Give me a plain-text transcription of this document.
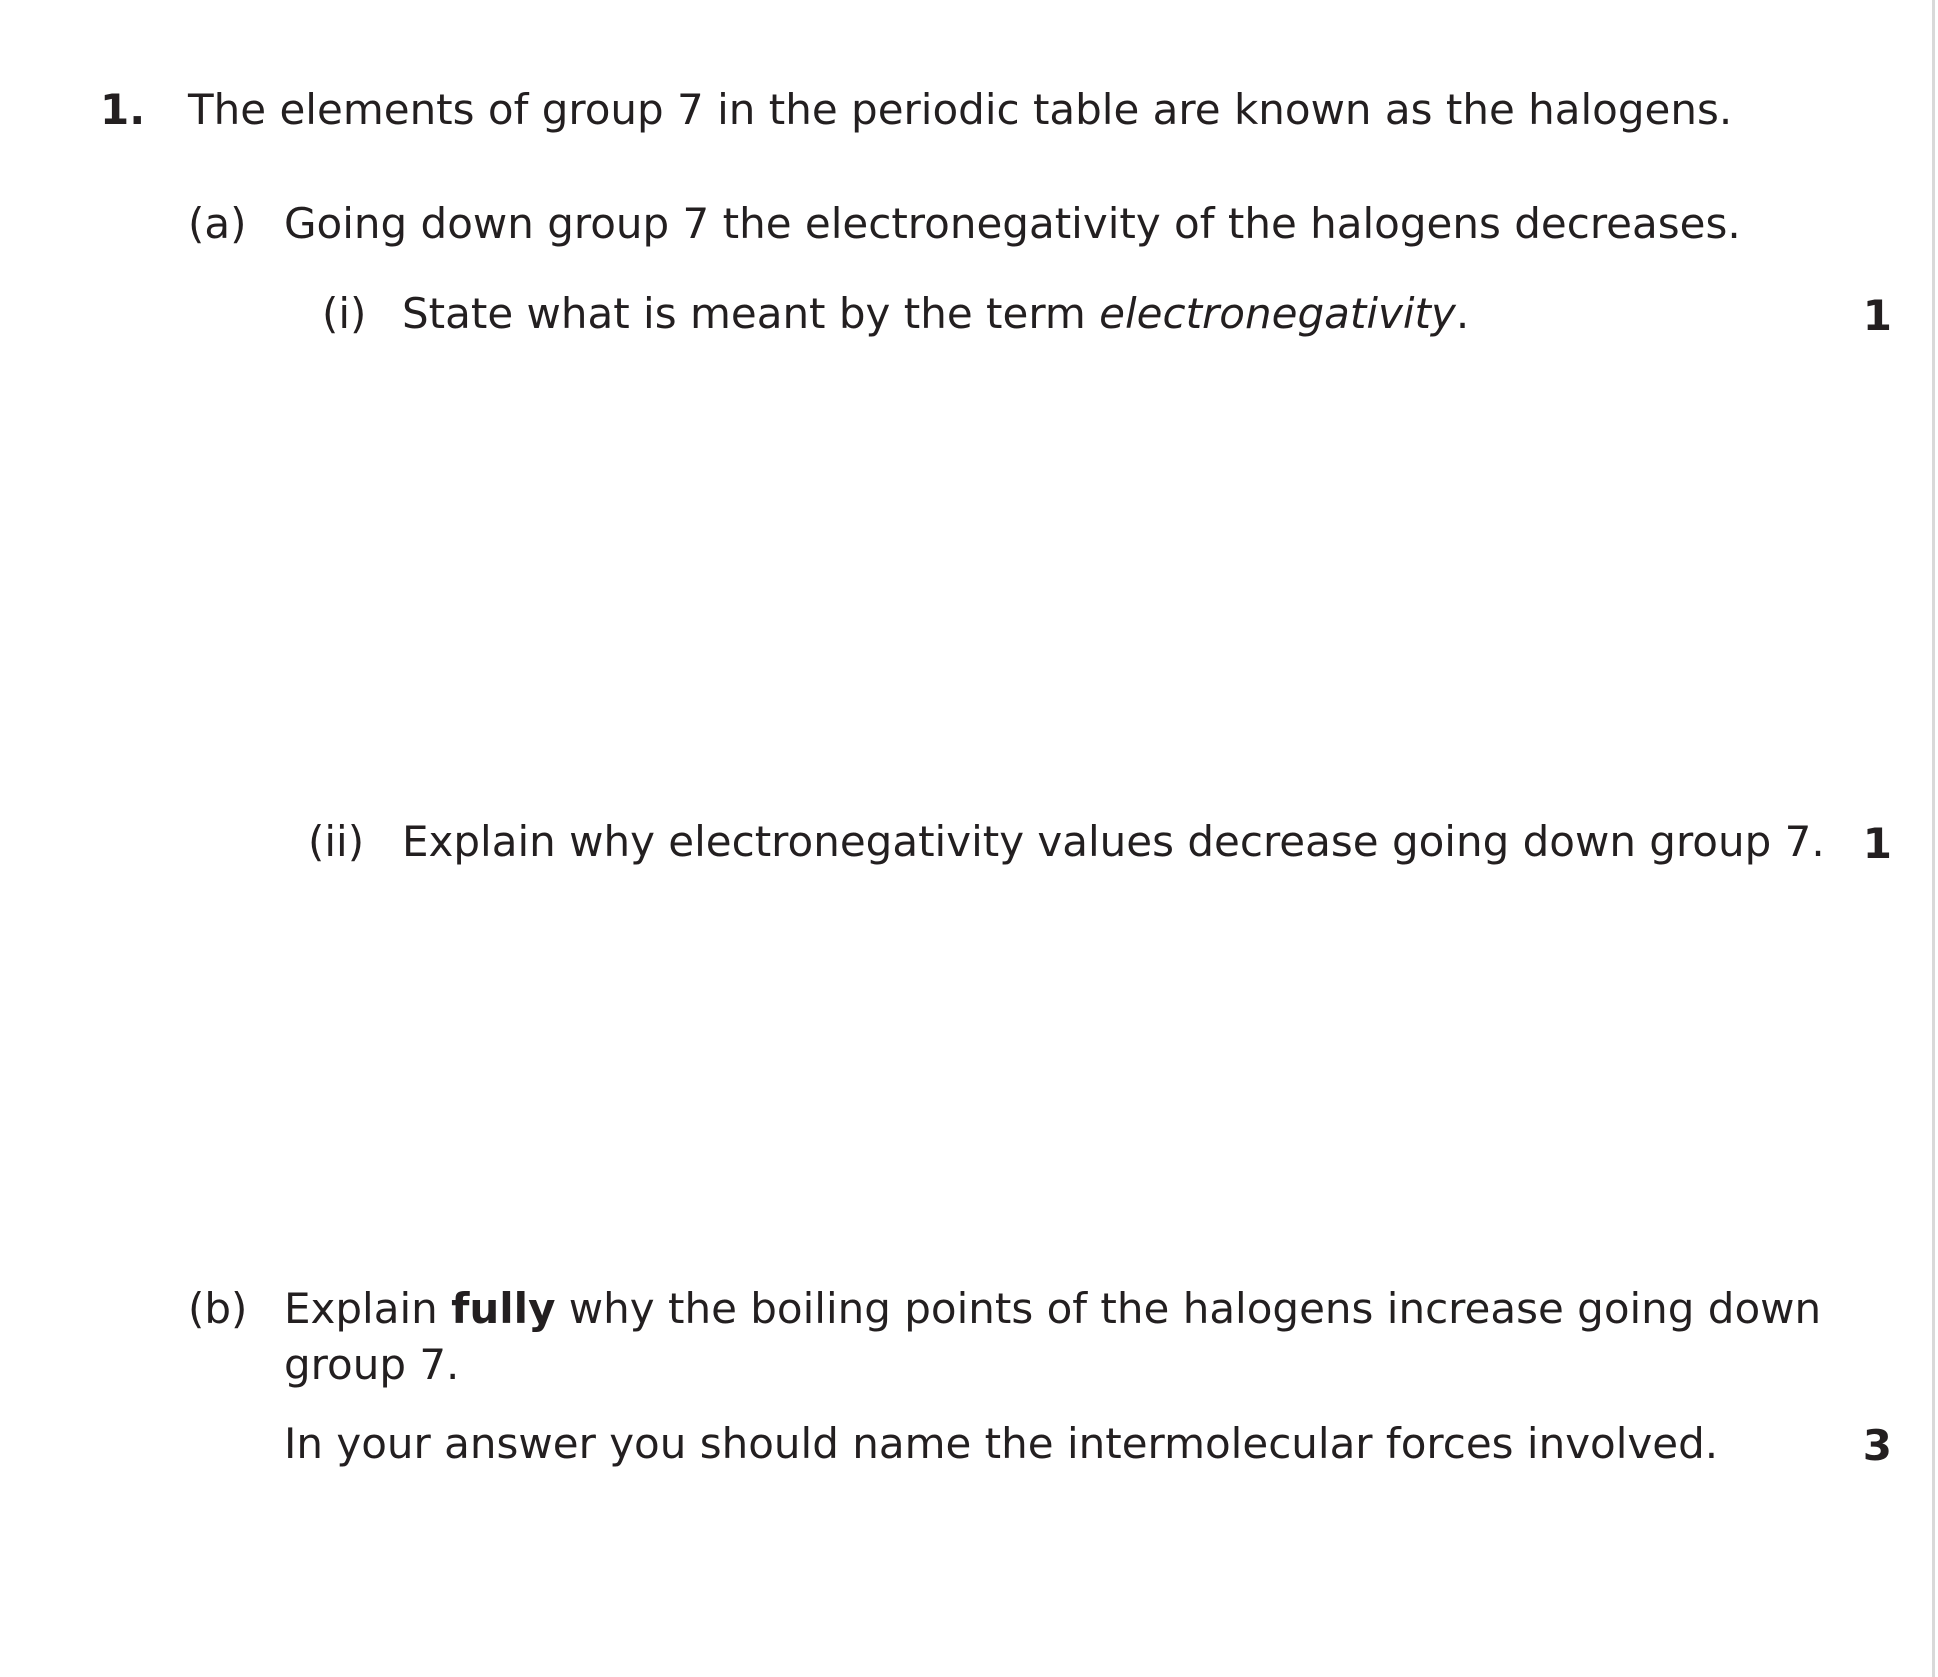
1. The elements of group 7 in the periodic table are known as the halogens.
(a) Going down group 7 the electronegativity of the halogens decreases.
(i) State what is meant by the term electronegativity.	1
(ii) Explain why electronegativity values decrease going down group 7. 1
(b) Explain fully why the boiling points of the halogens increase going down
group 7.
In your answer you should name the intermolecular forces involved.	3
